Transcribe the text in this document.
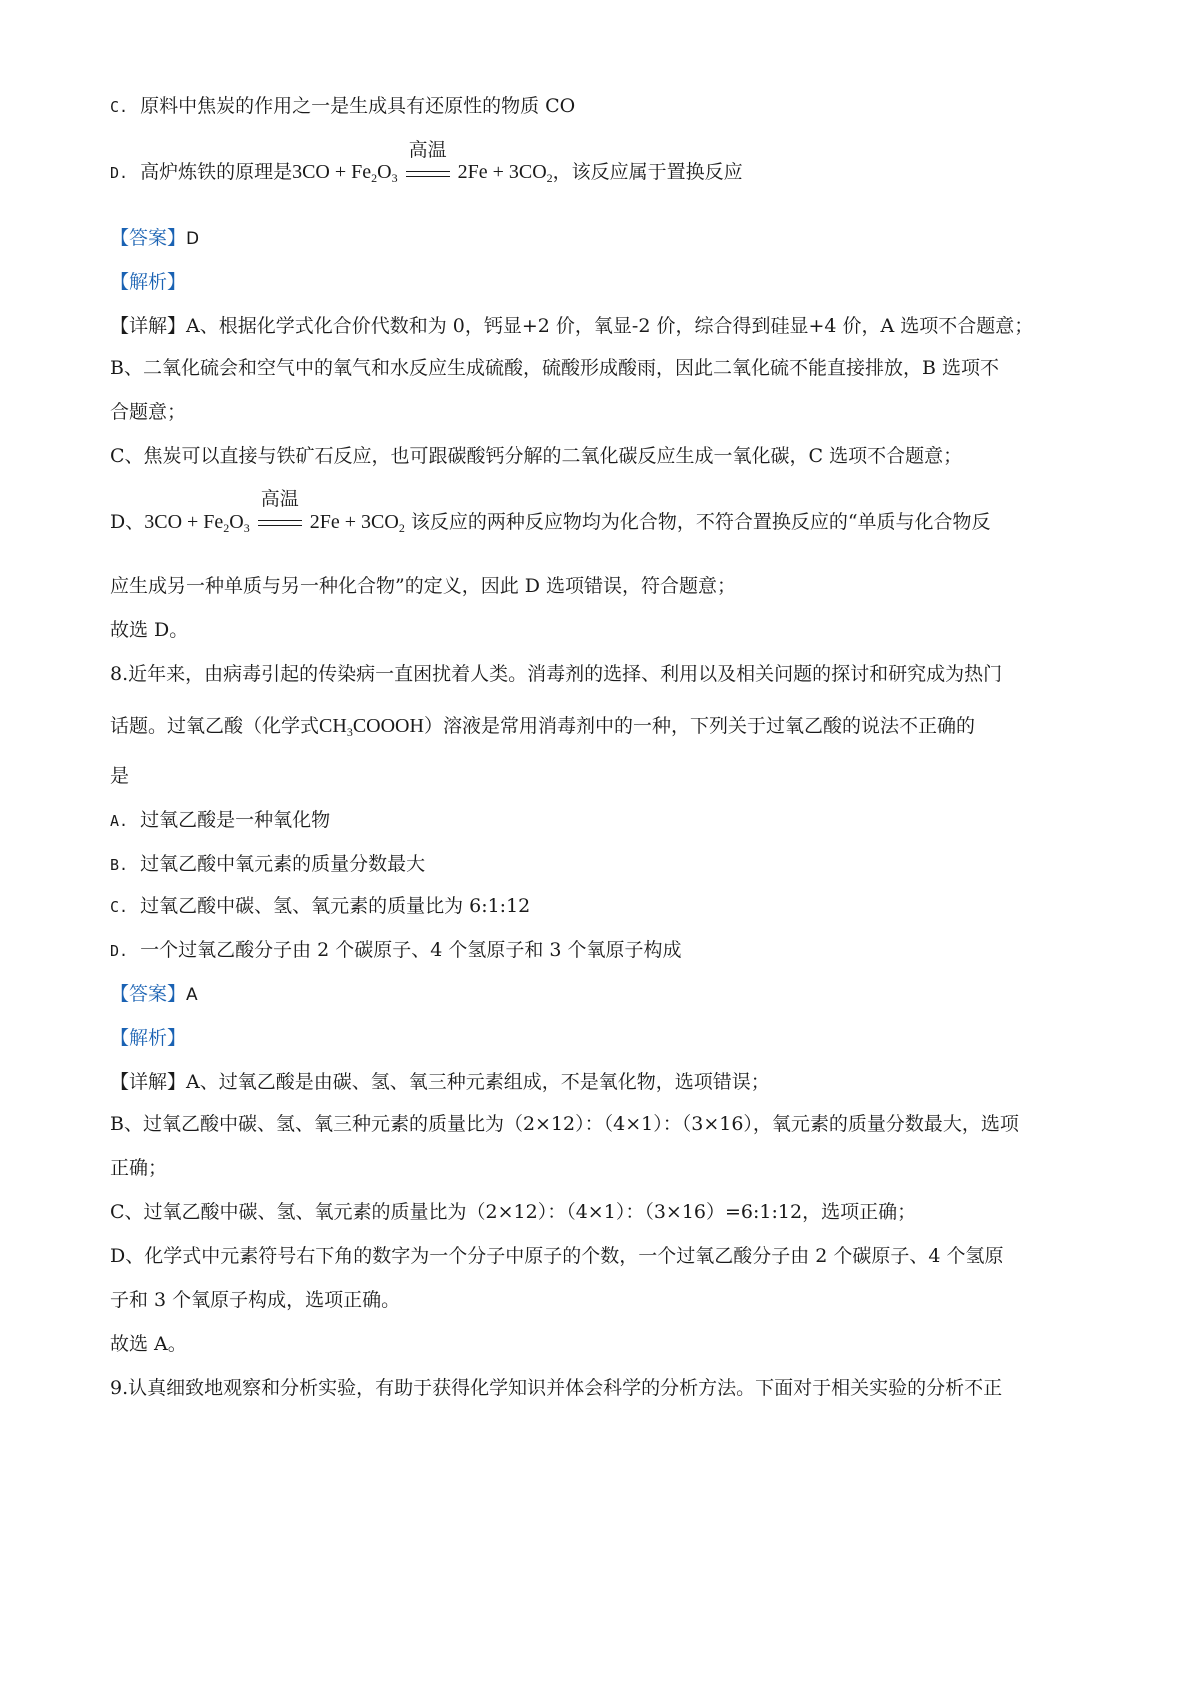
C. 原料中焦炭的作用之一是生成具有还原性的物质 CO
D. 高炉炼铁的原理是$3CO + Fe_2O_3$
高温
$2Fe + 3CO_2$，该反应属于置换反应
【答案】D
【解析】
【详解】A、根据化学式化合价代数和为 0，钙显+2 价，氧显-2 价，综合得到硅显+4 价，A 选项不合题意；
B、二氧化硫会和空气中的氧气和水反应生成硫酸，硫酸形成酸雨，因此二氧化硫不能直接排放，B 选项不
合题意；
C、焦炭可以直接与铁矿石反应，也可跟碳酸钙分解的二氧化碳反应生成一氧化碳，C 选项不合题意；
D、$3CO + Fe_2O_3$
高温
$2Fe + 3CO_2$ 该反应的两种反应物均为化合物，不符合置换反应的“单质与化合物反
应生成另一种单质与另一种化合物”的定义，因此 D 选项错误，符合题意；
故选 D。
8.近年来，由病毒引起的传染病一直困扰着人类。消毒剂的选择、利用以及相关问题的探讨和研究成为热门
话题。过氧乙酸（化学式$CH_3COOOH$）溶液是常用消毒剂中的一种，下列关于过氧乙酸的说法不正确的
是
A. 过氧乙酸是一种氧化物
B. 过氧乙酸中氧元素的质量分数最大
C. 过氧乙酸中碳、氢、氧元素的质量比为 6:1:12
D. 一个过氧乙酸分子由 2 个碳原子、4 个氢原子和 3 个氧原子构成
【答案】A
【解析】
【详解】A、过氧乙酸是由碳、氢、氧三种元素组成，不是氧化物，选项错误；
B、过氧乙酸中碳、氢、氧三种元素的质量比为（2×12）：（4×1）：（3×16），氧元素的质量分数最大，选项
正确；
C、过氧乙酸中碳、氢、氧元素的质量比为（2×12）：（4×1）：（3×16）=6:1:12，选项正确；
D、化学式中元素符号右下角的数字为一个分子中原子的个数，一个过氧乙酸分子由 2 个碳原子、4 个氢原
子和 3 个氧原子构成，选项正确。
故选 A。
9.认真细致地观察和分析实验，有助于获得化学知识并体会科学的分析方法。下面对于相关实验的分析不正
